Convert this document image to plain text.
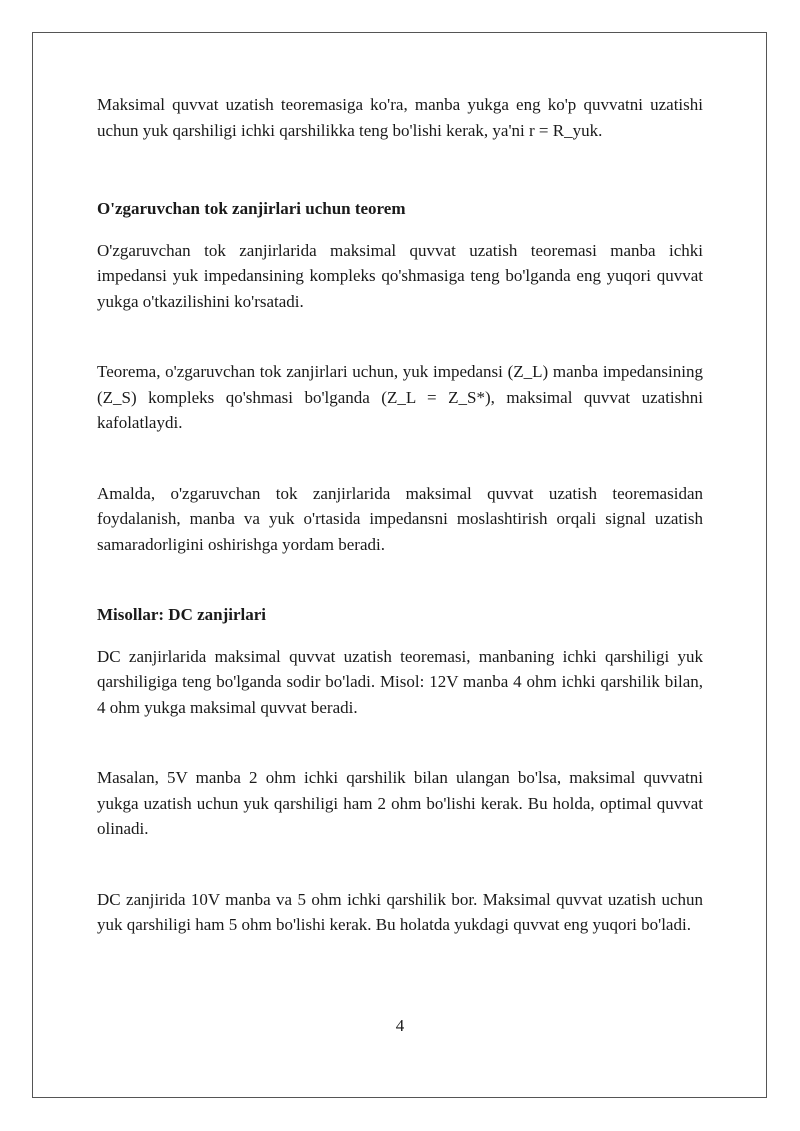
Maksimal quvvat uzatish teoremasiga ko'ra, manba yukga eng ko'p quvvatni uzatishi uchun yuk qarshiligi ichki qarshilikka teng bo'lishi kerak, ya'ni r = R_yuk.

O'zgaruvchan tok zanjirlari uchun teorem

O'zgaruvchan tok zanjirlarida maksimal quvvat uzatish teoremasi manba ichki impedansi yuk impedansining kompleks qo'shmasiga teng bo'lganda eng yuqori quvvat yukga o'tkazilishini ko'rsatadi.

Teorema, o'zgaruvchan tok zanjirlari uchun, yuk impedansi (Z_L) manba impedansining (Z_S) kompleks qo'shmasi bo'lganda (Z_L = Z_S*), maksimal quvvat uzatishni kafolatlaydi.

Amalda, o'zgaruvchan tok zanjirlarida maksimal quvvat uzatish teoremasidan foydalanish, manba va yuk o'rtasida impedansni moslashtirish orqali signal uzatish samaradorligini oshirishga yordam beradi.

Misollar: DC zanjirlari

DC zanjirlarida maksimal quvvat uzatish teoremasi, manbaning ichki qarshiligi yuk qarshiligiga teng bo'lganda sodir bo'ladi. Misol: 12V manba 4 ohm ichki qarshilik bilan, 4 ohm yukga maksimal quvvat beradi.

Masalan, 5V manba 2 ohm ichki qarshilik bilan ulangan bo'lsa, maksimal quvvatni yukga uzatish uchun yuk qarshiligi ham 2 ohm bo'lishi kerak. Bu holda, optimal quvvat olinadi.

DC zanjirida 10V manba va 5 ohm ichki qarshilik bor. Maksimal quvvat uzatish uchun yuk qarshiligi ham 5 ohm bo'lishi kerak. Bu holatda yukdagi quvvat eng yuqori bo'ladi.

4
